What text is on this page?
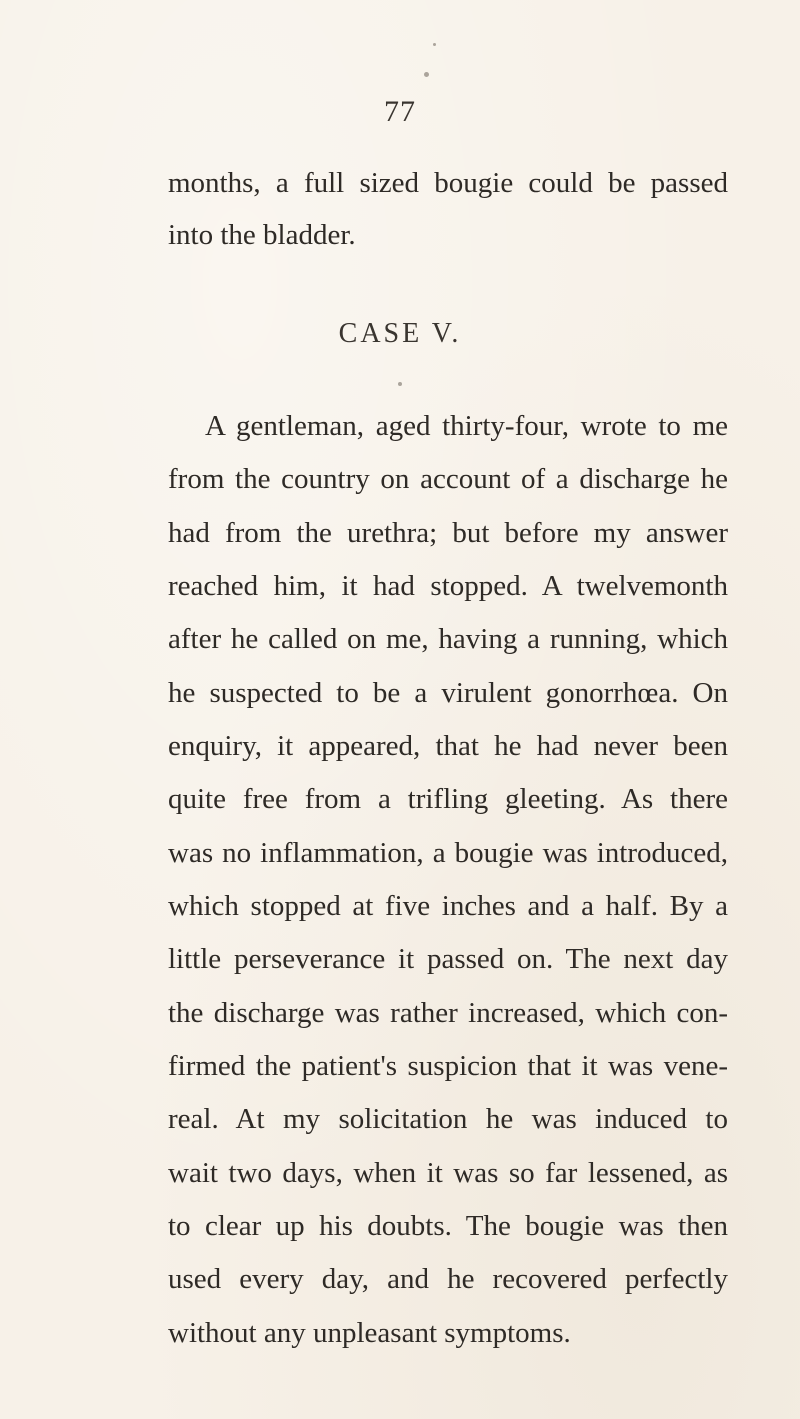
77
months, a full sized bougie could be passed
into the bladder.
CASE V.
A gentleman, aged thirty-four, wrote to me
from the country on account of a discharge he
had from the urethra; but before my answer
reached him, it had stopped. A twelvemonth
after he called on me, having a running, which
he suspected to be a virulent gonorrhœa. On
enquiry, it appeared, that he had never been
quite free from a trifling gleeting. As there
was no inflammation, a bougie was introduced,
which stopped at five inches and a half. By a
little perseverance it passed on. The next day
the discharge was rather increased, which con-
firmed the patient's suspicion that it was vene-
real. At my solicitation he was induced to
wait two days, when it was so far lessened, as
to clear up his doubts. The bougie was then
used every day, and he recovered perfectly
without any unpleasant symptoms.
